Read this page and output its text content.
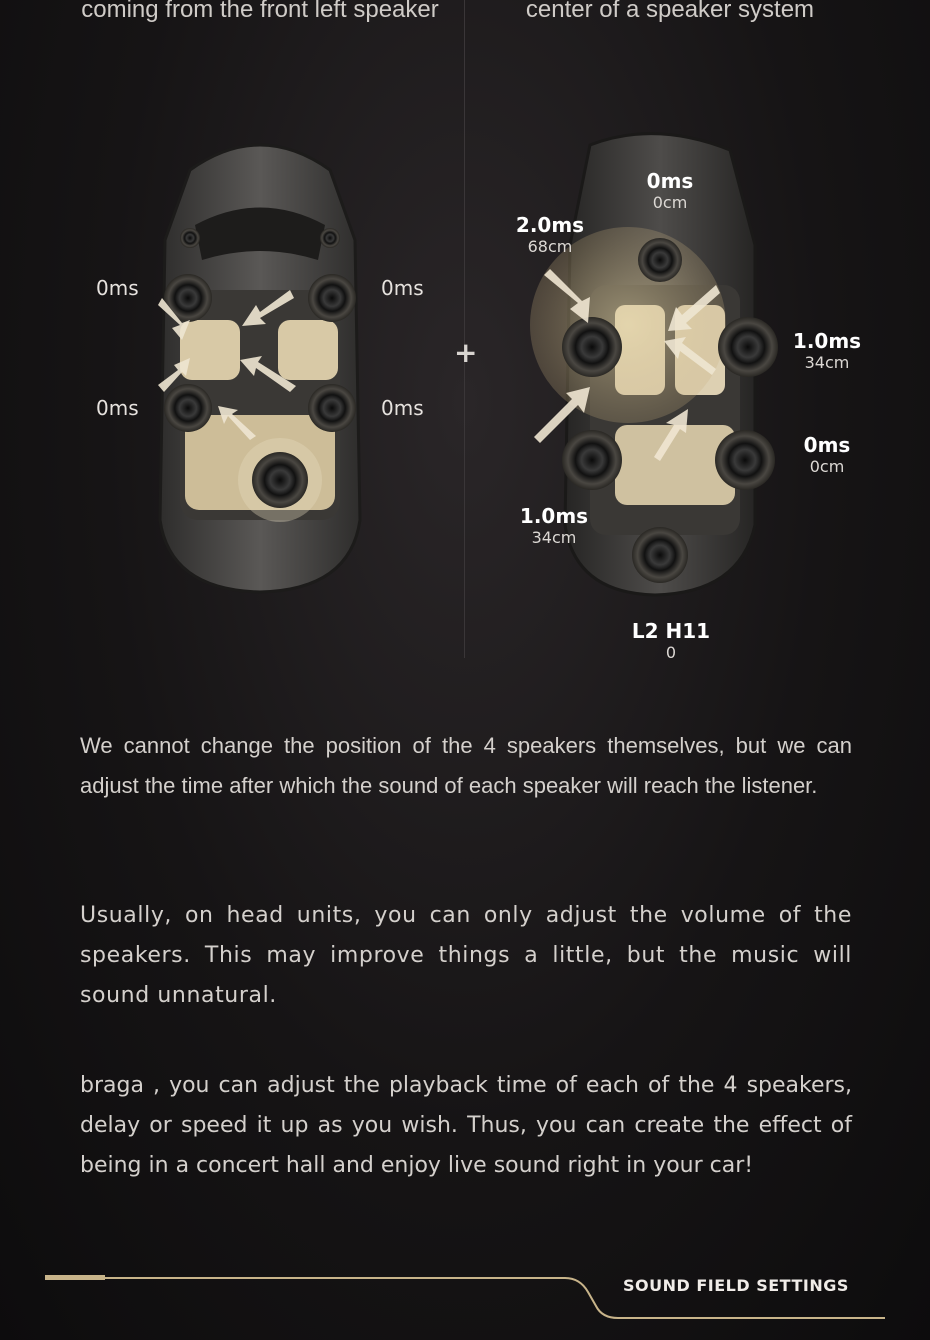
coming from the front left speaker	center of a speaker system
0ms	0ms
0ms	0ms
+
0ms
0cm
2.0ms
68cm
1.0ms
34cm
0ms
0cm
1.0ms
34cm
L2 H11
0

We cannot change the position of the 4 speakers themselves, but we can adjust the time after which the sound of each speaker will reach the listener.

Usually, on head units, you can only adjust the volume of the speakers. This may improve things a little, but the music will sound unnatural.

braga , you can adjust the playback time of each of the 4 speakers, delay or speed it up as you wish. Thus, you can create the effect of being in a concert hall and enjoy live sound right in your car!

SOUND FIELD SETTINGS
